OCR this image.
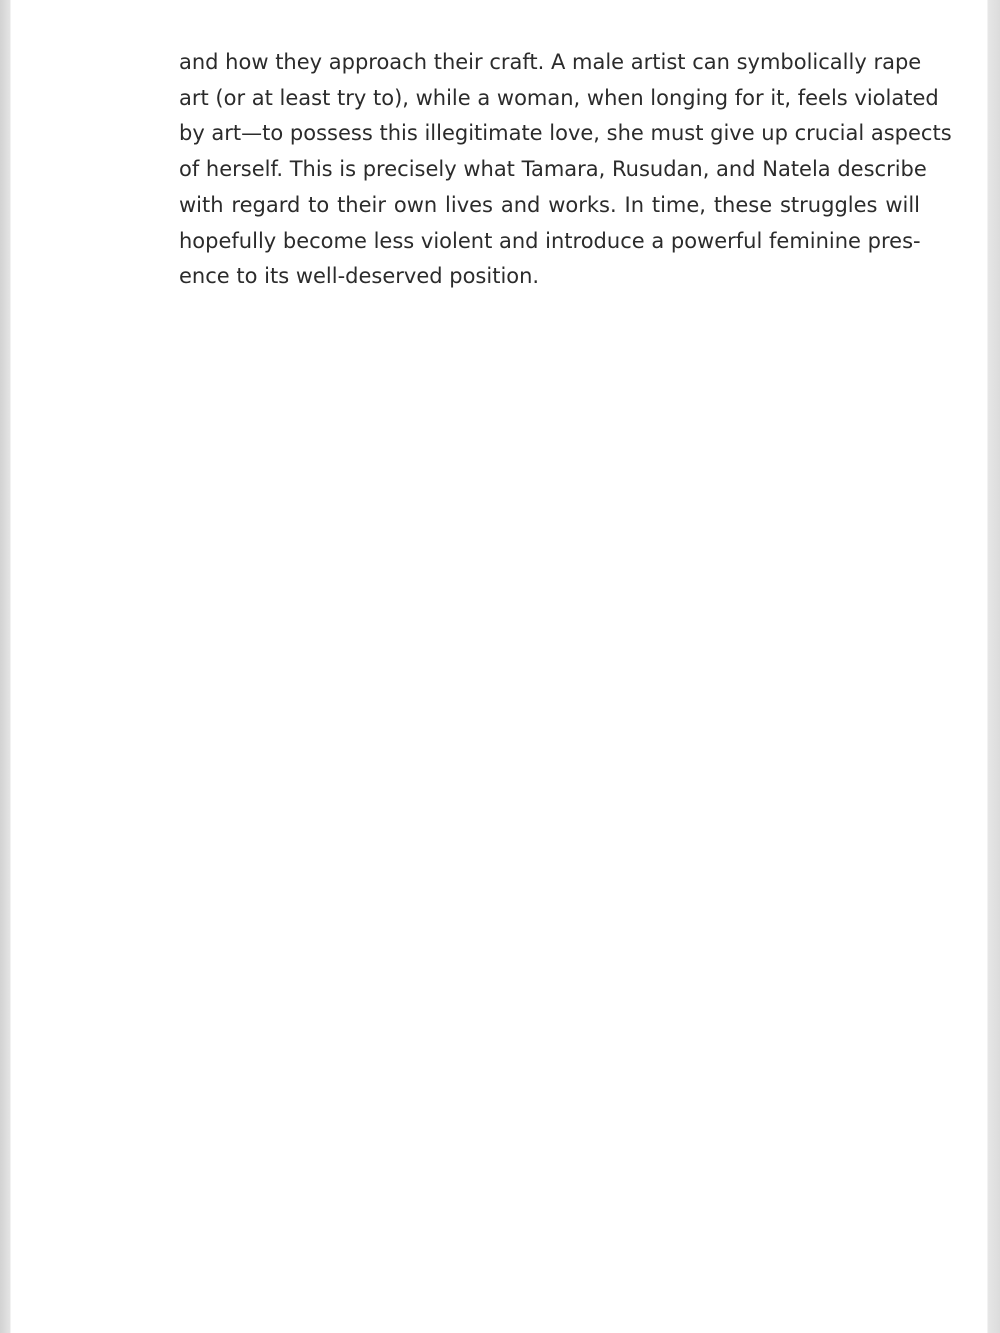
and how they approach their craft. A male artist can symbolically rape
art (or at least try to), while a woman, when longing for it, feels violated
by art—to possess this illegitimate love, she must give up crucial aspects
of herself. This is precisely what Tamara, Rusudan, and Natela describe
with regard to their own lives and works. In time, these struggles will
hopefully become less violent and introduce a powerful feminine pres-
ence to its well-deserved position.
